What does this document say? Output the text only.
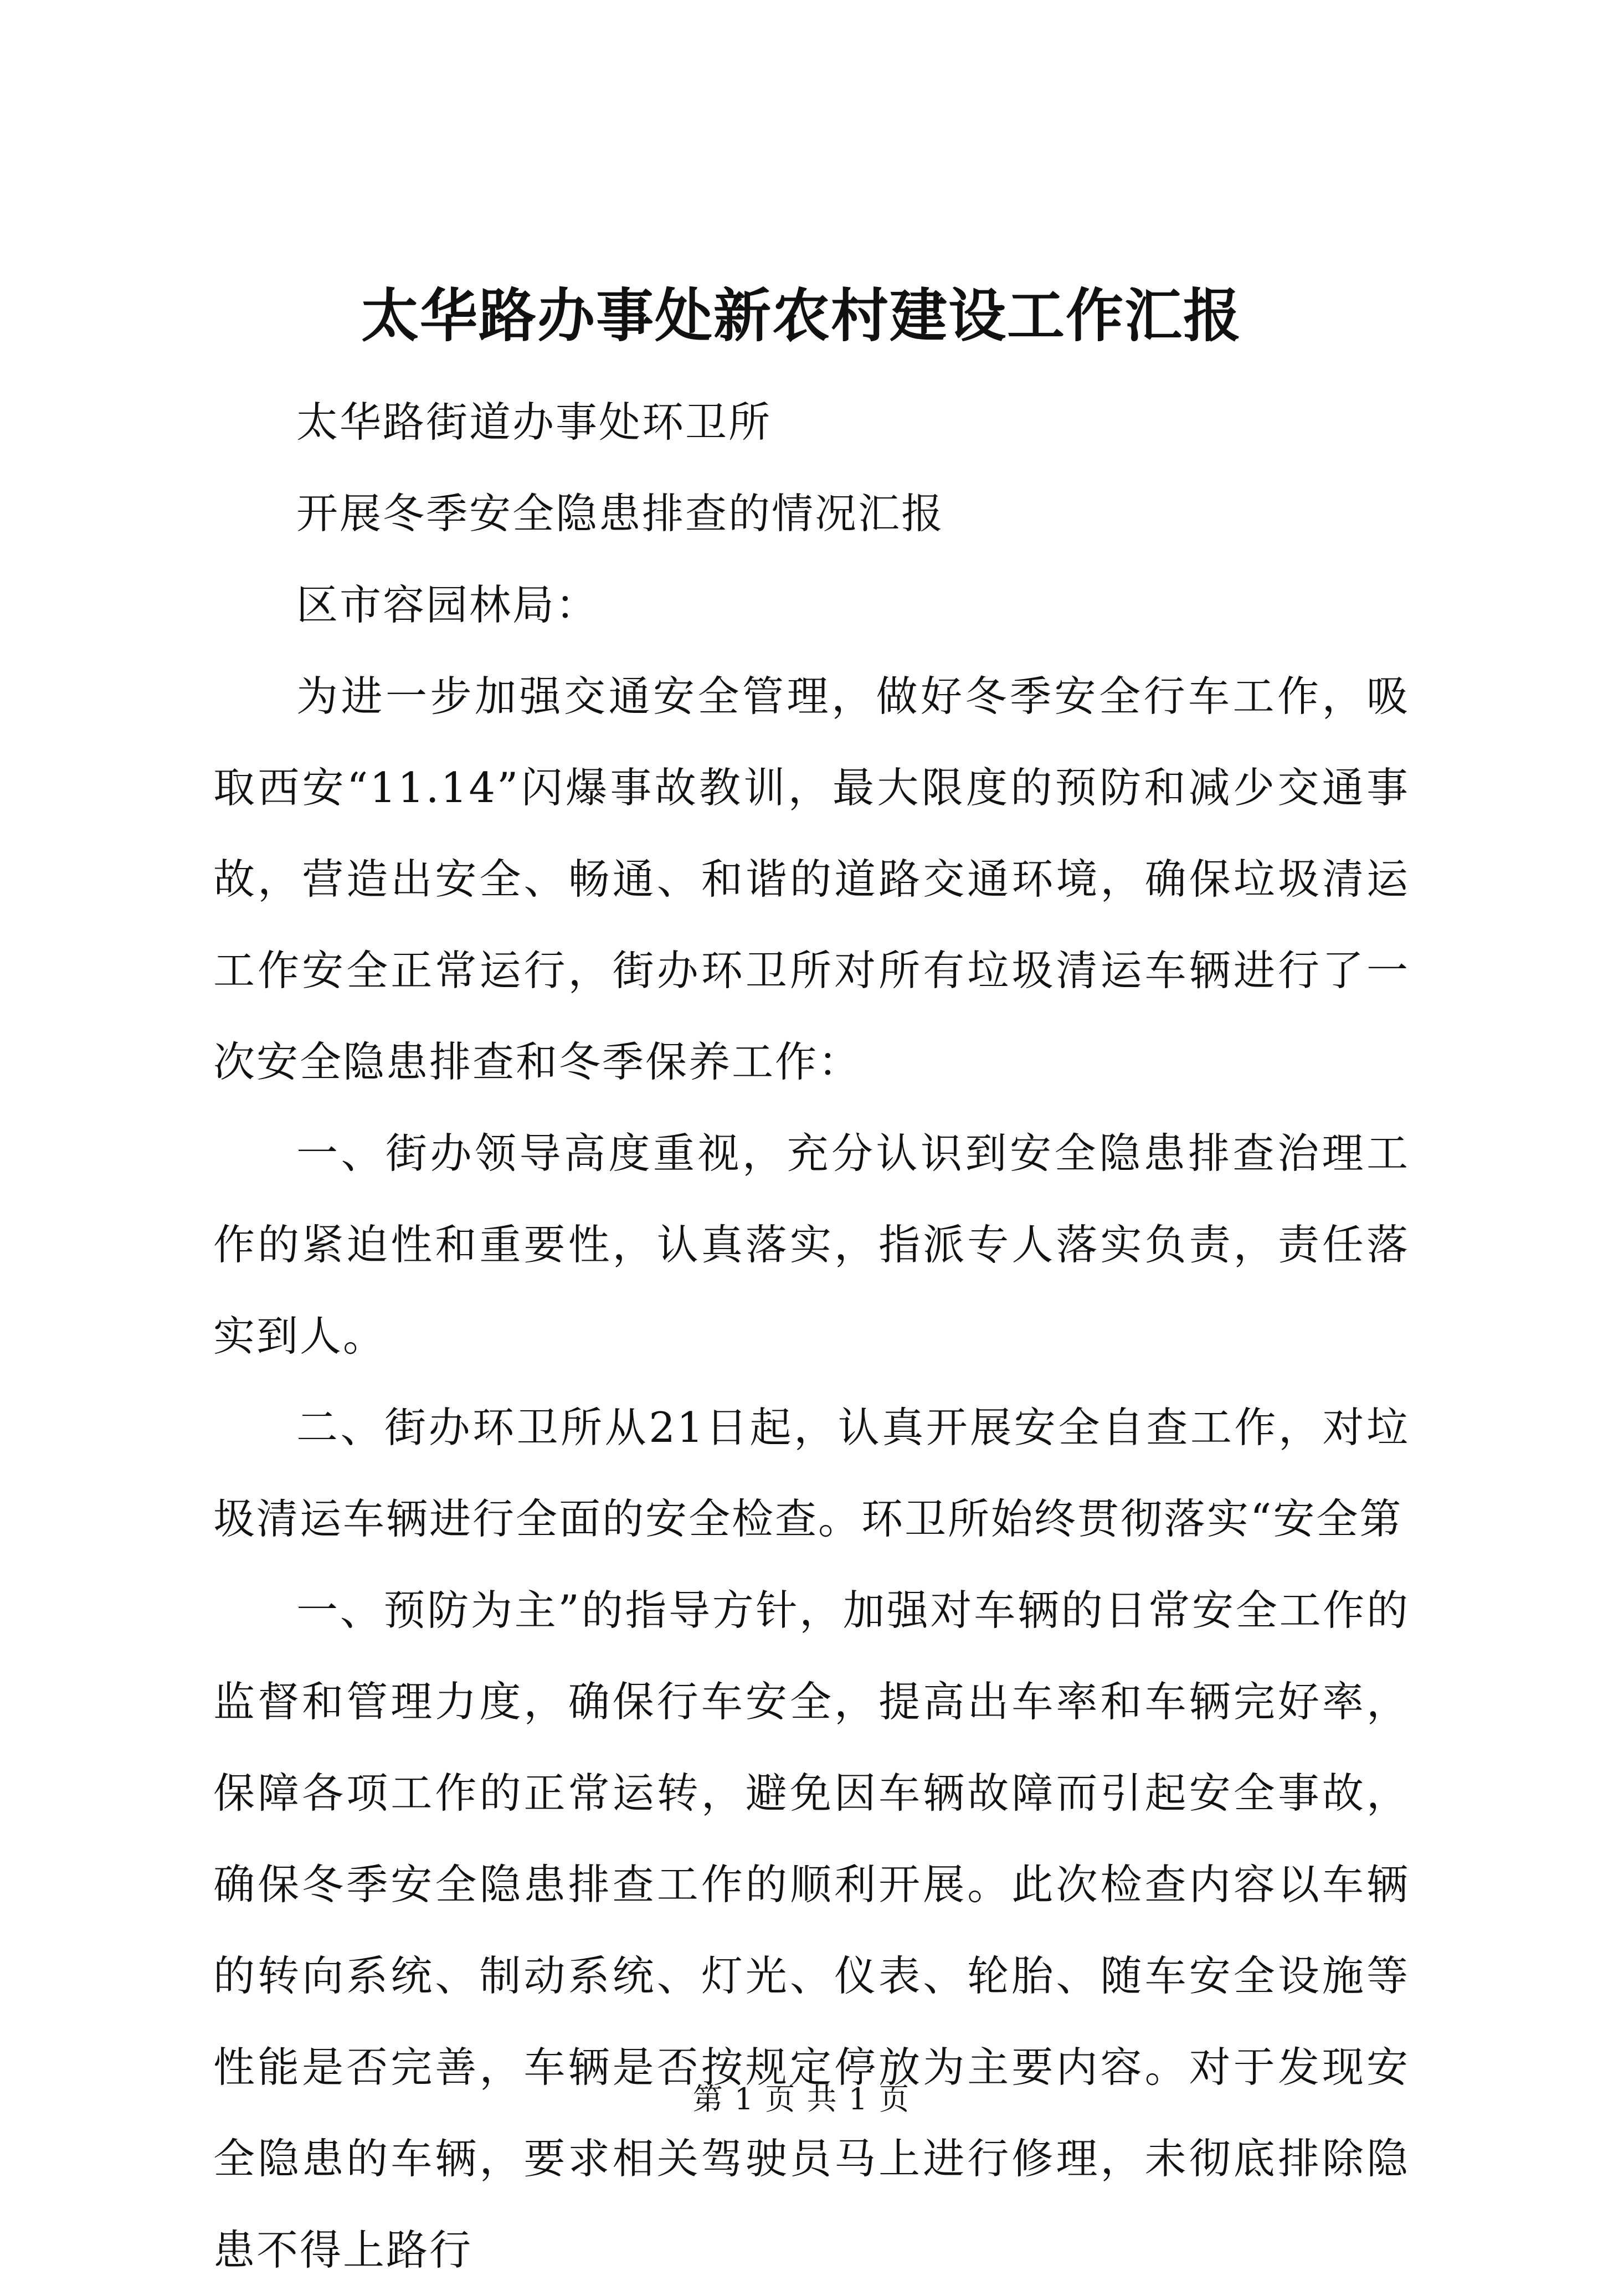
太华路办事处新农村建设工作汇报

太华路街道办事处环卫所

开展冬季安全隐患排查的情况汇报

区市容园林局：

为进一步加强交通安全管理，做好冬季安全行车工作，吸取西安“11.14”闪爆事故教训，最大限度的预防和减少交通事故，营造出安全、畅通、和谐的道路交通环境，确保垃圾清运工作安全正常运行，街办环卫所对所有垃圾清运车辆进行了一次安全隐患排查和冬季保养工作：

一、街办领导高度重视，充分认识到安全隐患排查治理工作的紧迫性和重要性，认真落实，指派专人落实负责，责任落实到人。

二、街办环卫所从21日起，认真开展安全自查工作，对垃圾清运车辆进行全面的安全检查。环卫所始终贯彻落实“安全第

一、预防为主”的指导方针，加强对车辆的日常安全工作的监督和管理力度，确保行车安全，提高出车率和车辆完好率，保障各项工作的正常运转，避免因车辆故障而引起安全事故，确保冬季安全隐患排查工作的顺利开展。此次检查内容以车辆的转向系统、制动系统、灯光、仪表、轮胎、随车安全设施等性能是否完善，车辆是否按规定停放为主要内容。对于发现安全隐患的车辆，要求相关驾驶员马上进行修理，未彻底排除隐患不得上路行

第 1 页 共 1 页
